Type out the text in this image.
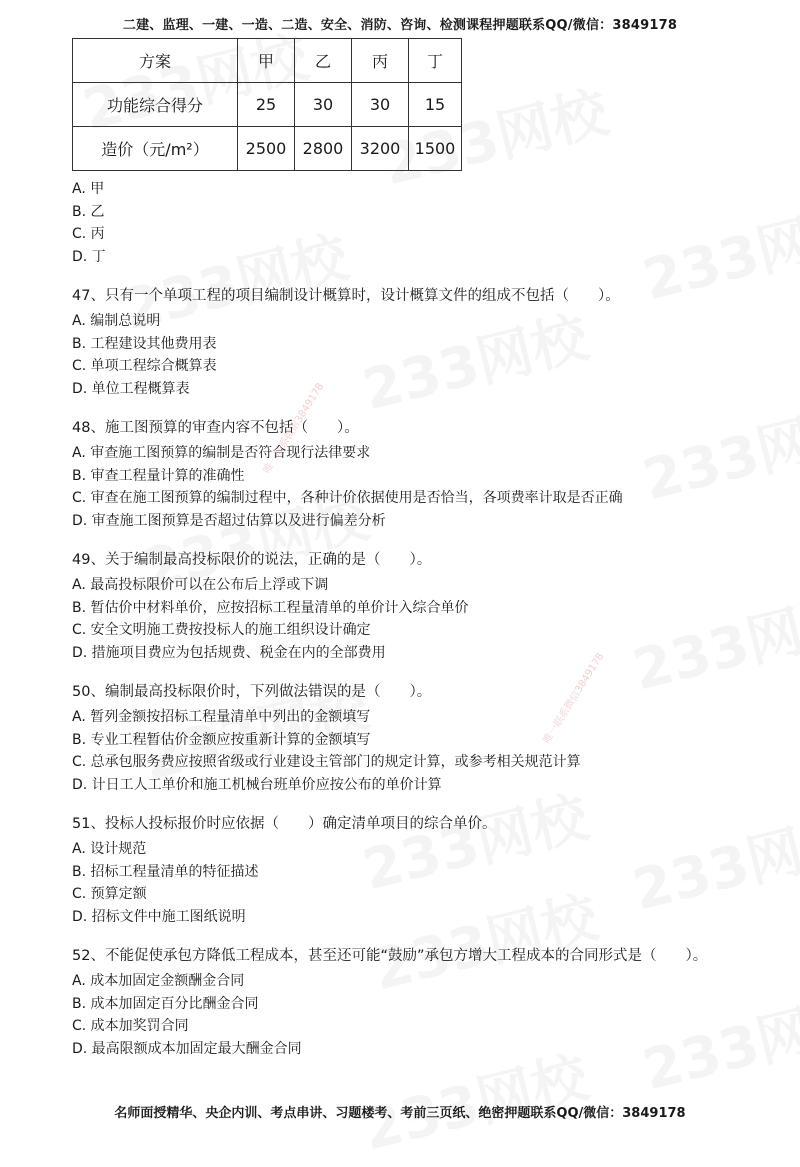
唯一联系微信3849178
唯一联系微信3849178
二建、监理、一建、一造、二造、安全、消防、咨询、检测课程押题联系QQ/微信：3849178
方案	甲	乙	丙	丁
功能综合得分	25	30	30	15
造价（元/m²）	2500	2800	3200	1500
A. 甲
B. 乙
C. 丙
D. 丁
47、只有一个单项工程的项目编制设计概算时，设计概算文件的组成不包括（　　）。
A. 编制总说明
B. 工程建设其他费用表
C. 单项工程综合概算表
D. 单位工程概算表
48、施工图预算的审查内容不包括（　　）。
A. 审查施工图预算的编制是否符合现行法律要求
B. 审查工程量计算的准确性
C. 审查在施工图预算的编制过程中，各种计价依据使用是否恰当，各项费率计取是否正确
D. 审查施工图预算是否超过估算以及进行偏差分析
49、关于编制最高投标限价的说法，正确的是（　　）。
A. 最高投标限价可以在公布后上浮或下调
B. 暂估价中材料单价，应按招标工程量清单的单价计入综合单价
C. 安全文明施工费按投标人的施工组织设计确定
D. 措施项目费应为包括规费、税金在内的全部费用
50、编制最高投标限价时，下列做法错误的是（　　）。
A. 暂列金额按招标工程量清单中列出的金额填写
B. 专业工程暂估价金额应按重新计算的金额填写
C. 总承包服务费应按照省级或行业建设主管部门的规定计算，或参考相关规范计算
D. 计日工人工单价和施工机械台班单价应按公布的单价计算
51、投标人投标报价时应依据（　　）确定清单项目的综合单价。
A. 设计规范
B. 招标工程量清单的特征描述
C. 预算定额
D. 招标文件中施工图纸说明
52、不能促使承包方降低工程成本，甚至还可能“鼓励”承包方增大工程成本的合同形式是（　　）。
A. 成本加固定金额酬金合同
B. 成本加固定百分比酬金合同
C. 成本加奖罚合同
D. 最高限额成本加固定最大酬金合同
名师面授精华、央企内训、考点串讲、习题楼考、考前三页纸、绝密押题联系QQ/微信：3849178
